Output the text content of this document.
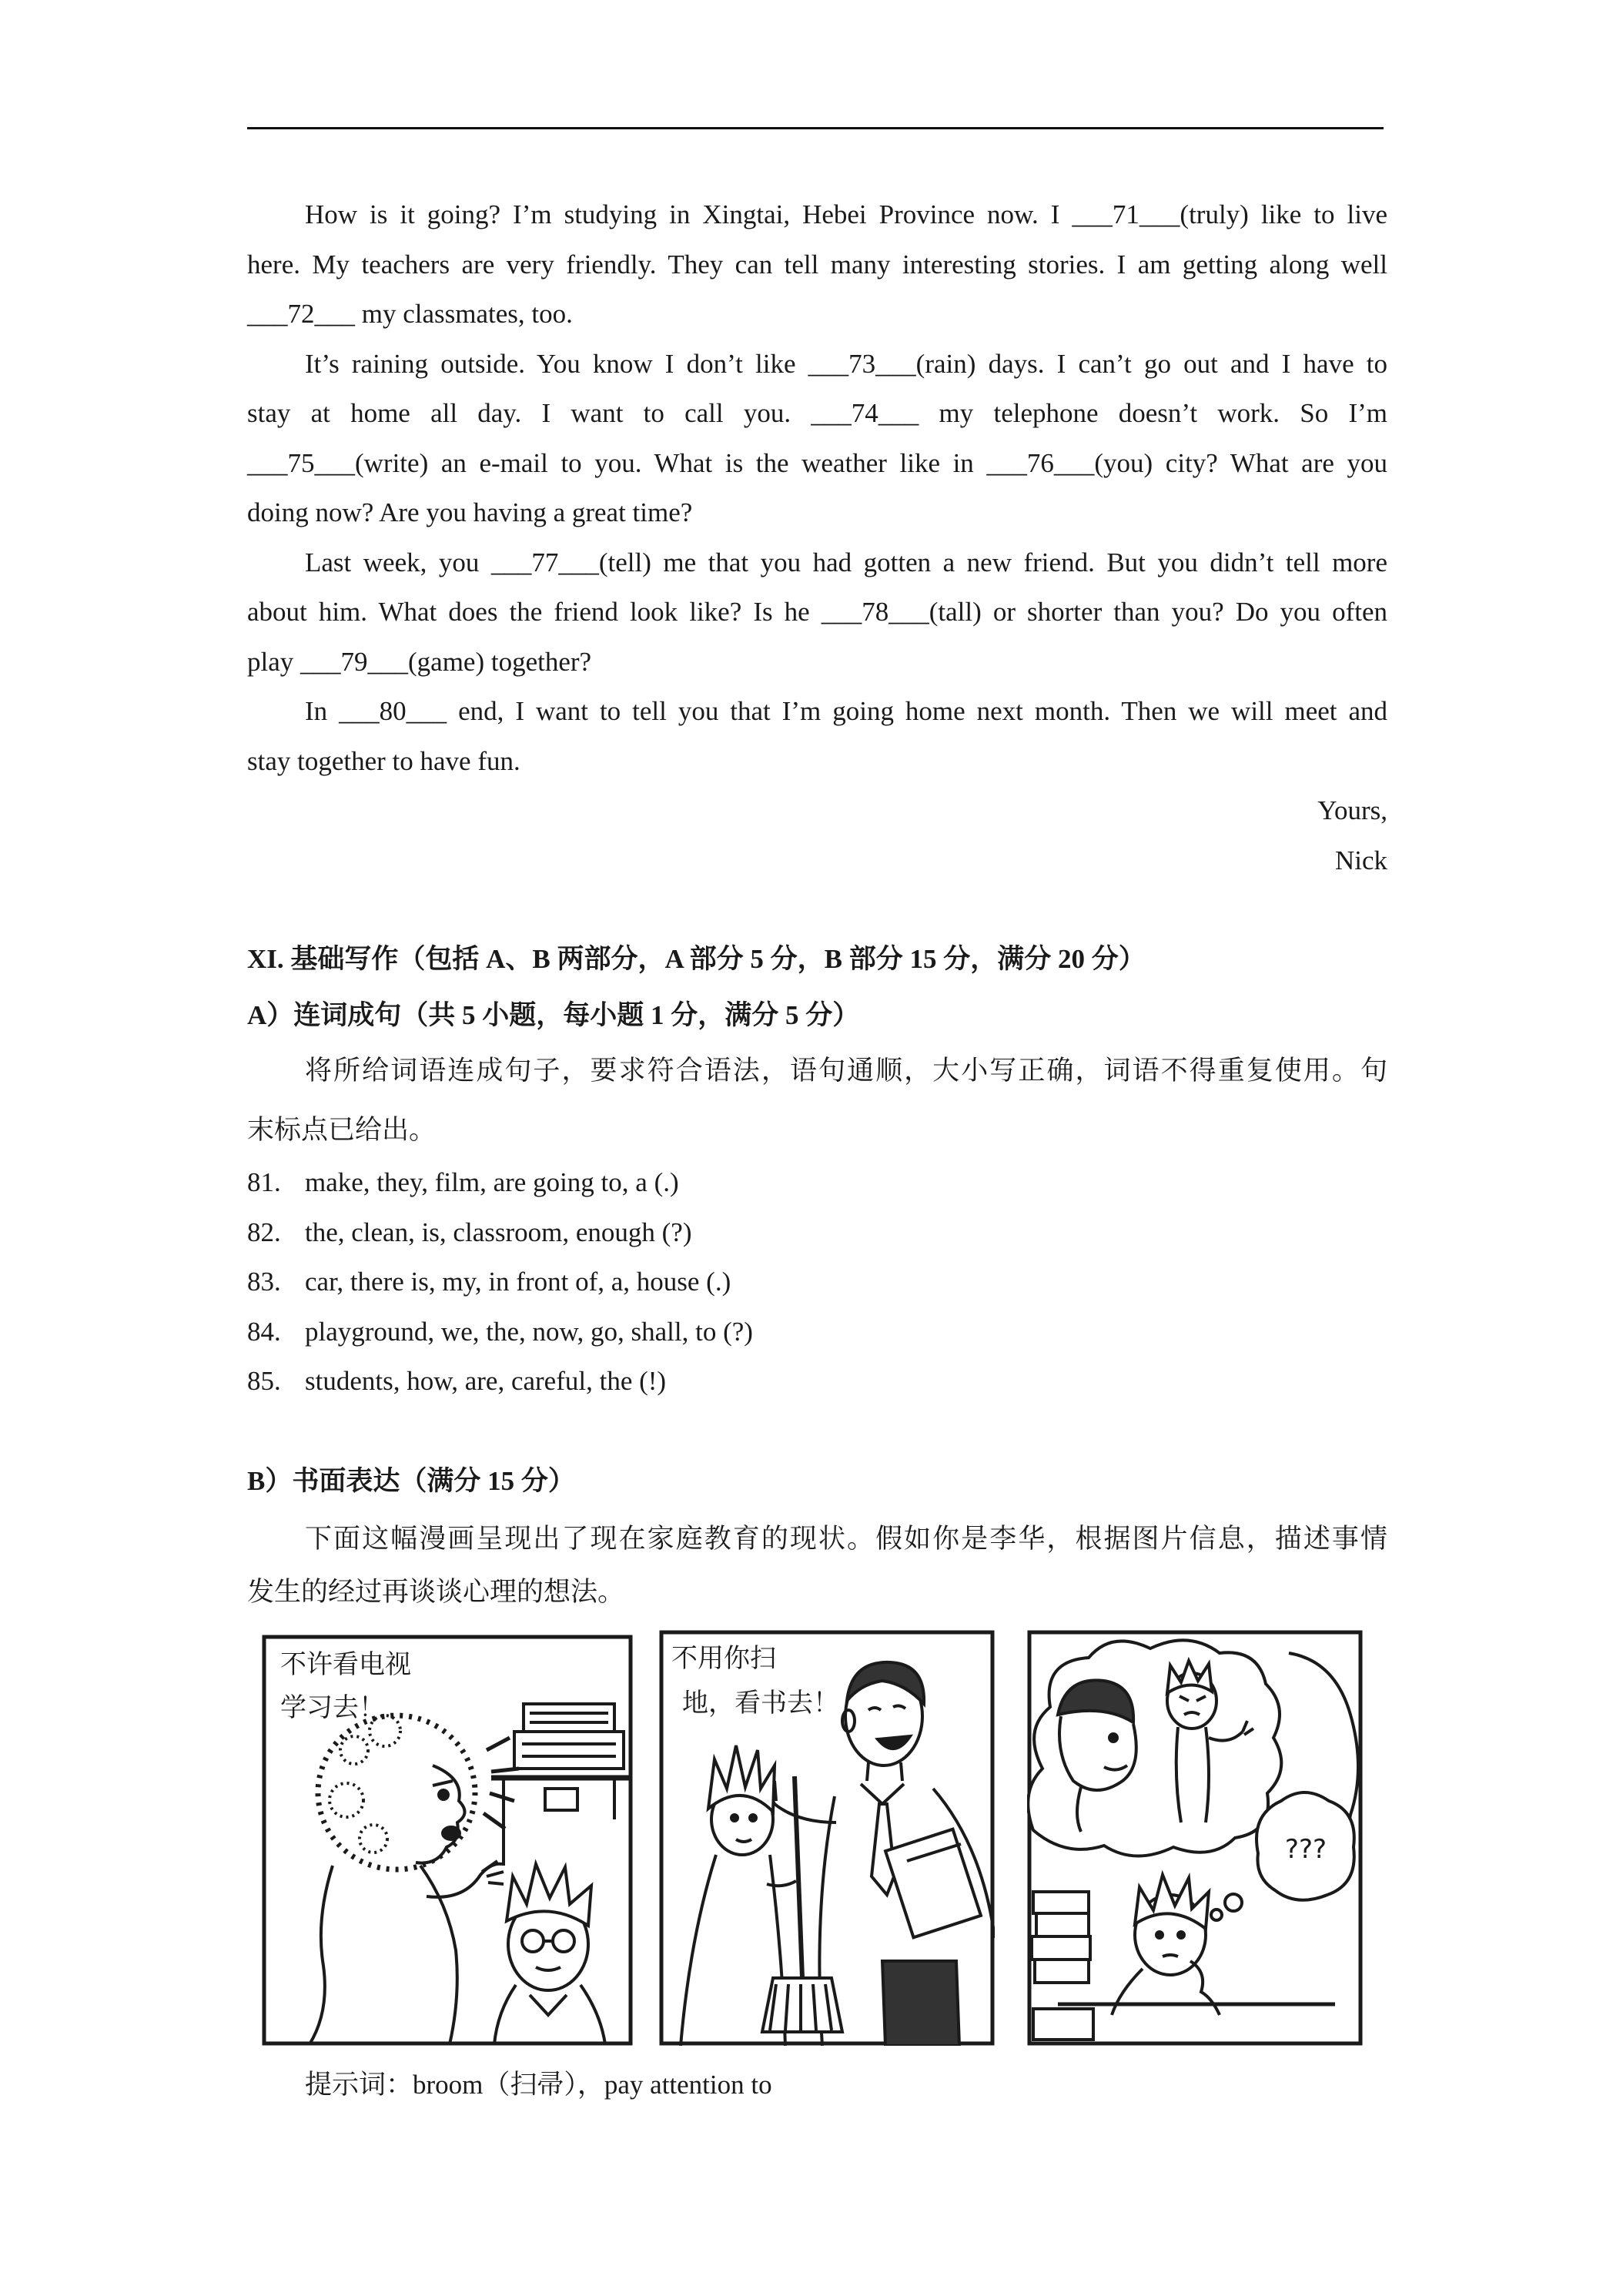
How is it going? I’m studying in Xingtai, Hebei Province now. I ___71___(truly) like to live
here. My teachers are very friendly. They can tell many interesting stories. I am getting along well
___72___ my classmates, too.
It’s raining outside. You know I don’t like ___73___(rain) days. I can’t go out and I have to
stay at home all day. I want to call you. ___74___ my telephone doesn’t work. So I’m
___75___(write) an e-mail to you. What is the weather like in ___76___(you) city? What are you
doing now? Are you having a great time?
Last week, you ___77___(tell) me that you had gotten a new friend. But you didn’t tell more
about him. What does the friend look like? Is he ___78___(tall) or shorter than you? Do you often
play ___79___(game) together?
In ___80___ end, I want to tell you that I’m going home next month. Then we will meet and
stay together to have fun.
Yours,
Nick
XI. 基础写作（包括 A、B 两部分，A 部分 5 分，B 部分 15 分，满分 20 分）
A）连词成句（共 5 小题，每小题 1 分，满分 5 分）
将所给词语连成句子，要求符合语法，语句通顺，大小写正确，词语不得重复使用。句
末标点已给出。
81. make, they, film, are going to, a (.)
82. the, clean, is, classroom, enough (?)
83. car, there is, my, in front of, a, house (.)
84. playground, we, the, now, go, shall, to (?)
85. students, how, are, careful, the (!)
B）书面表达（满分 15 分）
下面这幅漫画呈现出了现在家庭教育的现状。假如你是李华，根据图片信息，描述事情
发生的经过再谈谈心理的想法。
不许看电视
学习去！
不用你扫
地，看书去！
???
提示词：broom（扫帚），pay attention to
